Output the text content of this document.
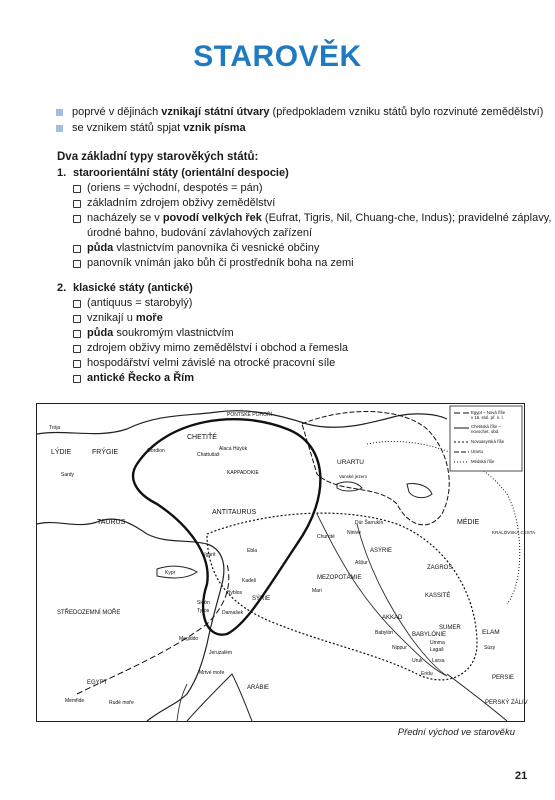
STAROVĚK
poprvé v dějinách vznikají státní útvary (předpokladem vzniku států bylo rozvinuté zemědělství)
se vznikem států spjat vznik písma
Dva základní typy starověkých států:
1. staroorientální státy (orientální despocie)
(oriens = východní, despotés = pán)
základním zdrojem obživy zemědělství
nacházely se v povodí velkých řek (Eufrat, Tigris, Nil, Chuang-che, Indus); pravidelné záplavy,
úrodné bahno, budování závlahových zařízení
půda vlastnictvím panovníka či vesnické občiny
panovník vnímán jako bůh či prostředník boha na zemi
2. klasické státy (antické)
(antiquus = starobylý)
vznikají u moře
půda soukromým vlastnictvím
zdrojem obživy mimo zemědělství i obchod a řemesla
hospodářství velmi závislé na otrocké pracovní síle
antické Řecko a Řím
Egypt – Nová říše
v 15. stol. př. n. l.
Chetitská říše –
novochet. obd.
Novoasyrská říše
Urartu
Médská říše
PONTSKÉ POHOŘÍ
CHETIŤÉ
Alaca Hüyük
Chattušaš
URARTU
Vanské jezero
FRÝGIE
LÝDIE
Trója
Gordion
Sardy	KAPPADOKIE
TAURUS
ANTITAURUS
Dúr Šarrukín
Ninive
Aššur
Churrité
ASÝRIE
MÉDIE
KRÁLOVSKÁ CESTA
MEZOPOTÁMIE
Mari
ZAGROS
KASSITÉ
Ugarit
Ebla
Kypr
Kadeš
Byblos
SÝRIE
Sidón
Tyros	Damašek
STŘEDOZEMNÍ MOŘE
AKKAD
Babylón	BABYLÓNIE
SUMER
Nippur
Umma
Lagaš
Uruk Larsa
Eridu
ELAM
Súsy
PERSIE
Megiddo
Jeruzalém
Mrtvé moře
EGYPT
Memfide	Rudé moře
ARÁBIE
PERSKÝ ZÁLIV
Přední východ ve starověku
21
